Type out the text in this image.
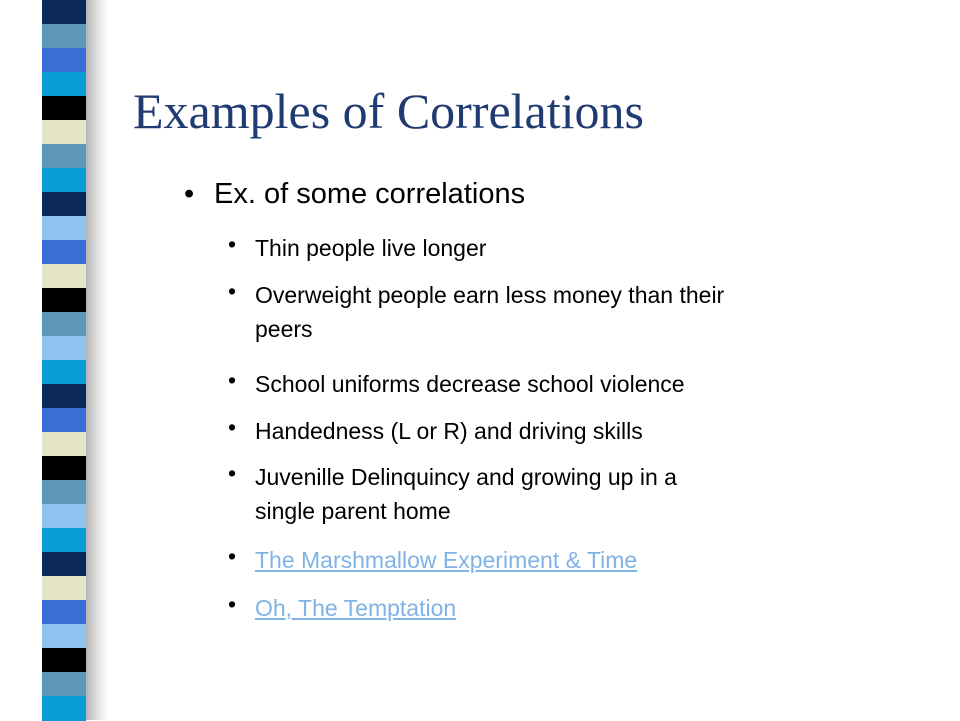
Examples of Correlations
• Ex. of some correlations
• Thin people live longer
• Overweight people earn less money than their
peers
• School uniforms decrease school violence
• Handedness (L or R) and driving skills
• Juvenille Delinquincy and growing up in a
single parent home
• The Marshmallow Experiment & Time
• Oh, The Temptation
